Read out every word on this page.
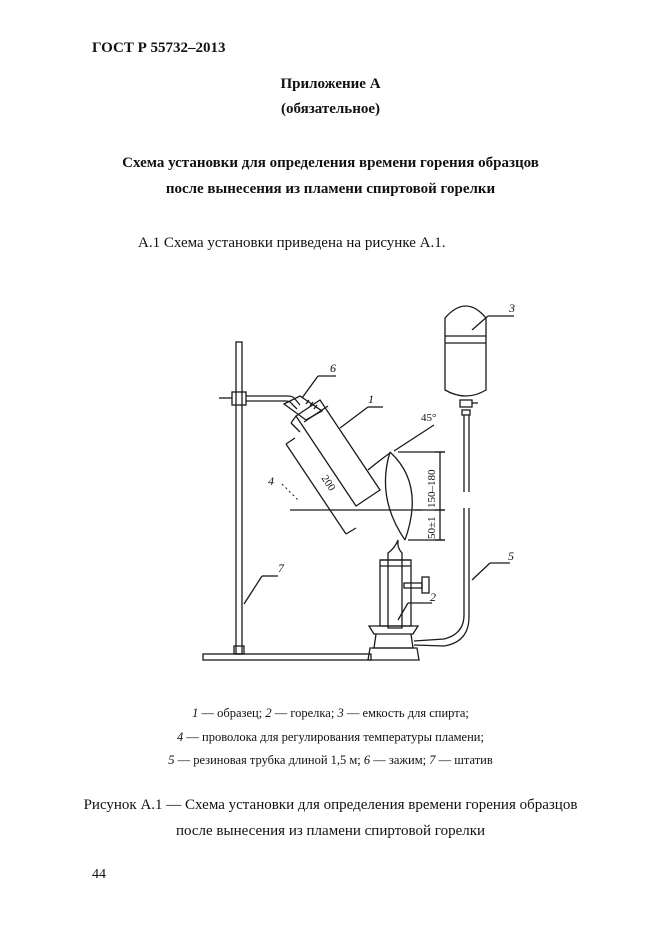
ГОСТ Р 55732–2013
Приложение А
(обязательное)
Схема установки для определения времени горения образцов
после вынесения из пламени спиртовой горелки
А.1 Схема установки приведена на рисунке А.1.
3
6
1
4
7
2
5
45°
200	150–180
50±1
1 — образец; 2 — горелка; 3 — емкость для спирта;
4 — проволока для регулирования температуры пламени;
5 — резиновая трубка длиной 1,5 м; 6 — зажим; 7 — штатив
Рисунок А.1 — Схема установки для определения времени горения образцов
после вынесения из пламени спиртовой горелки
44
